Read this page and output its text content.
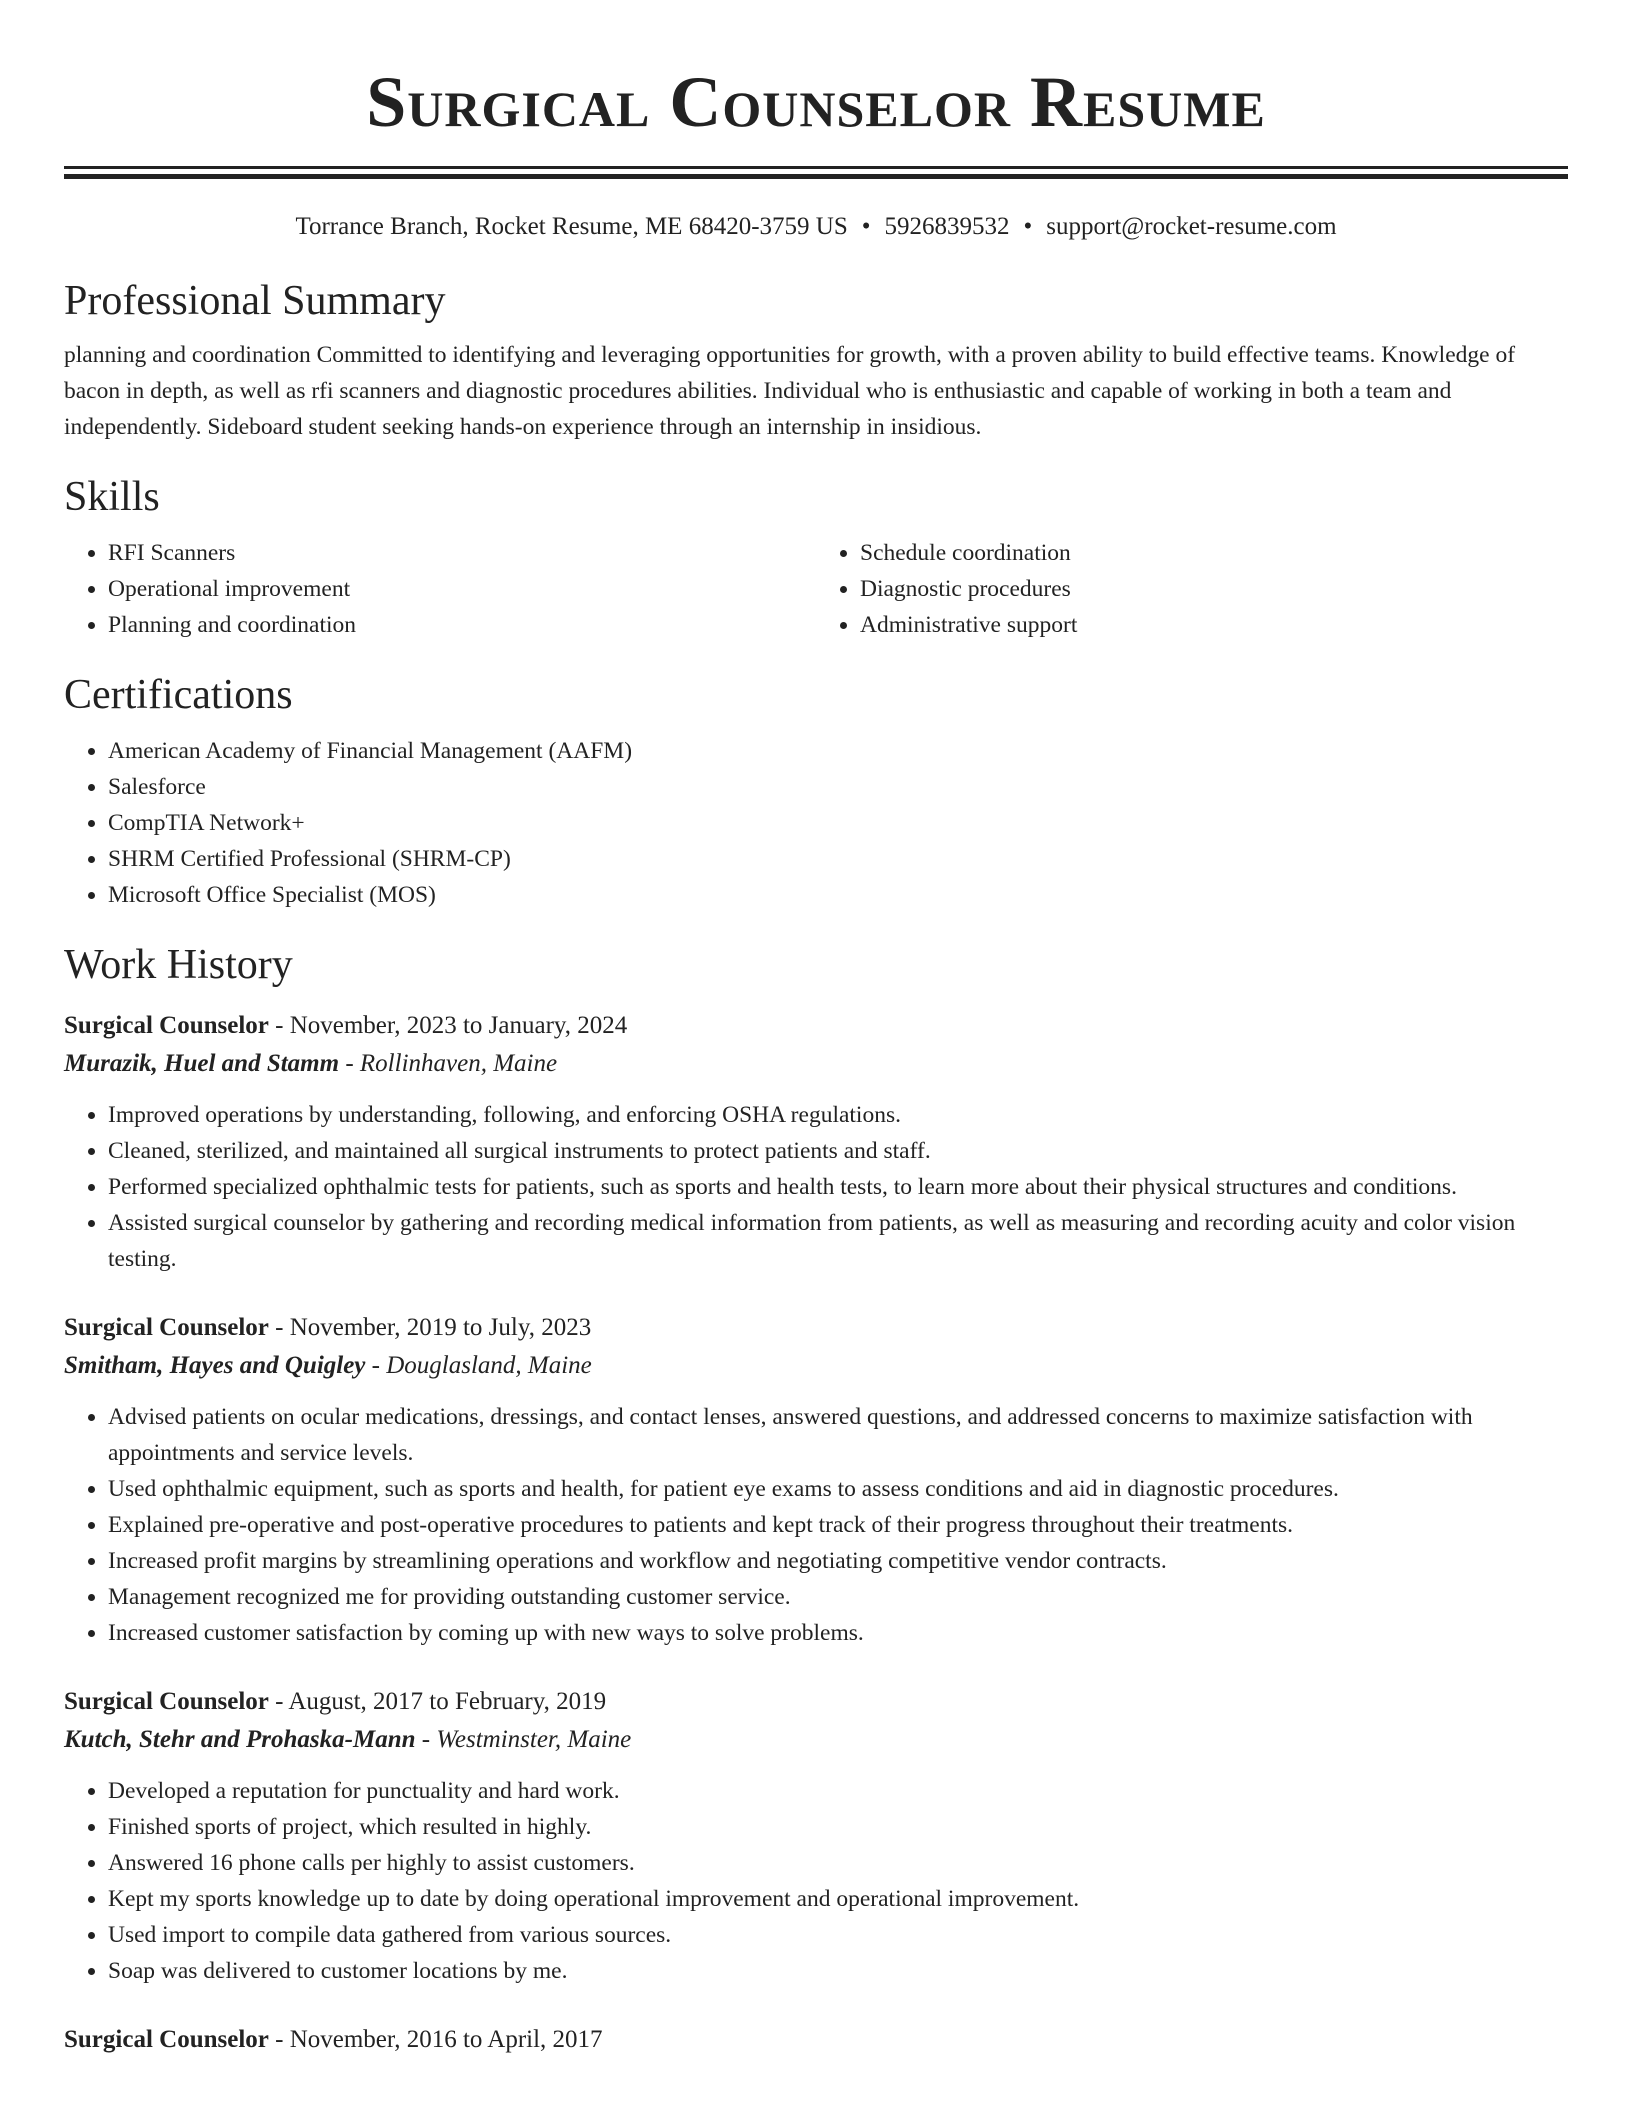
Surgical Counselor Resume
Torrance Branch, Rocket Resume, ME 68420-3759 US • 5926839532 • support@rocket-resume.com
Professional Summary

planning and coordination Committed to identifying and leveraging opportunities for growth, with a proven ability to build effective teams. Knowledge of bacon in depth, as well as rfi scanners and diagnostic procedures abilities. Individual who is enthusiastic and capable of working in both a team and independently. Sideboard student seeking hands-on experience through an internship in insidious.

Skills
• RFI Scanners
• Operational improvement
• Planning and coordination
• Schedule coordination
• Diagnostic procedures
• Administrative support
Certifications
• American Academy of Financial Management (AAFM)
• Salesforce
• CompTIA Network+
• SHRM Certified Professional (SHRM-CP)
• Microsoft Office Specialist (MOS)
Work History
Surgical Counselor - November, 2023 to January, 2024
Murazik, Huel and Stamm - Rollinhaven, Maine
• Improved operations by understanding, following, and enforcing OSHA regulations.
• Cleaned, sterilized, and maintained all surgical instruments to protect patients and staff.
• Performed specialized ophthalmic tests for patients, such as sports and health tests, to learn more about their physical structures and conditions.
• Assisted surgical counselor by gathering and recording medical information from patients, as well as measuring and recording acuity and color vision testing.
Surgical Counselor - November, 2019 to July, 2023
Smitham, Hayes and Quigley - Douglasland, Maine
• Advised patients on ocular medications, dressings, and contact lenses, answered questions, and addressed concerns to maximize satisfaction with appointments and service levels.
• Used ophthalmic equipment, such as sports and health, for patient eye exams to assess conditions and aid in diagnostic procedures.
• Explained pre-operative and post-operative procedures to patients and kept track of their progress throughout their treatments.
• Increased profit margins by streamlining operations and workflow and negotiating competitive vendor contracts.
• Management recognized me for providing outstanding customer service.
• Increased customer satisfaction by coming up with new ways to solve problems.
Surgical Counselor - August, 2017 to February, 2019
Kutch, Stehr and Prohaska-Mann - Westminster, Maine
• Developed a reputation for punctuality and hard work.
• Finished sports of project, which resulted in highly.
• Answered 16 phone calls per highly to assist customers.
• Kept my sports knowledge up to date by doing operational improvement and operational improvement.
• Used import to compile data gathered from various sources.
• Soap was delivered to customer locations by me.
Surgical Counselor - November, 2016 to April, 2017
